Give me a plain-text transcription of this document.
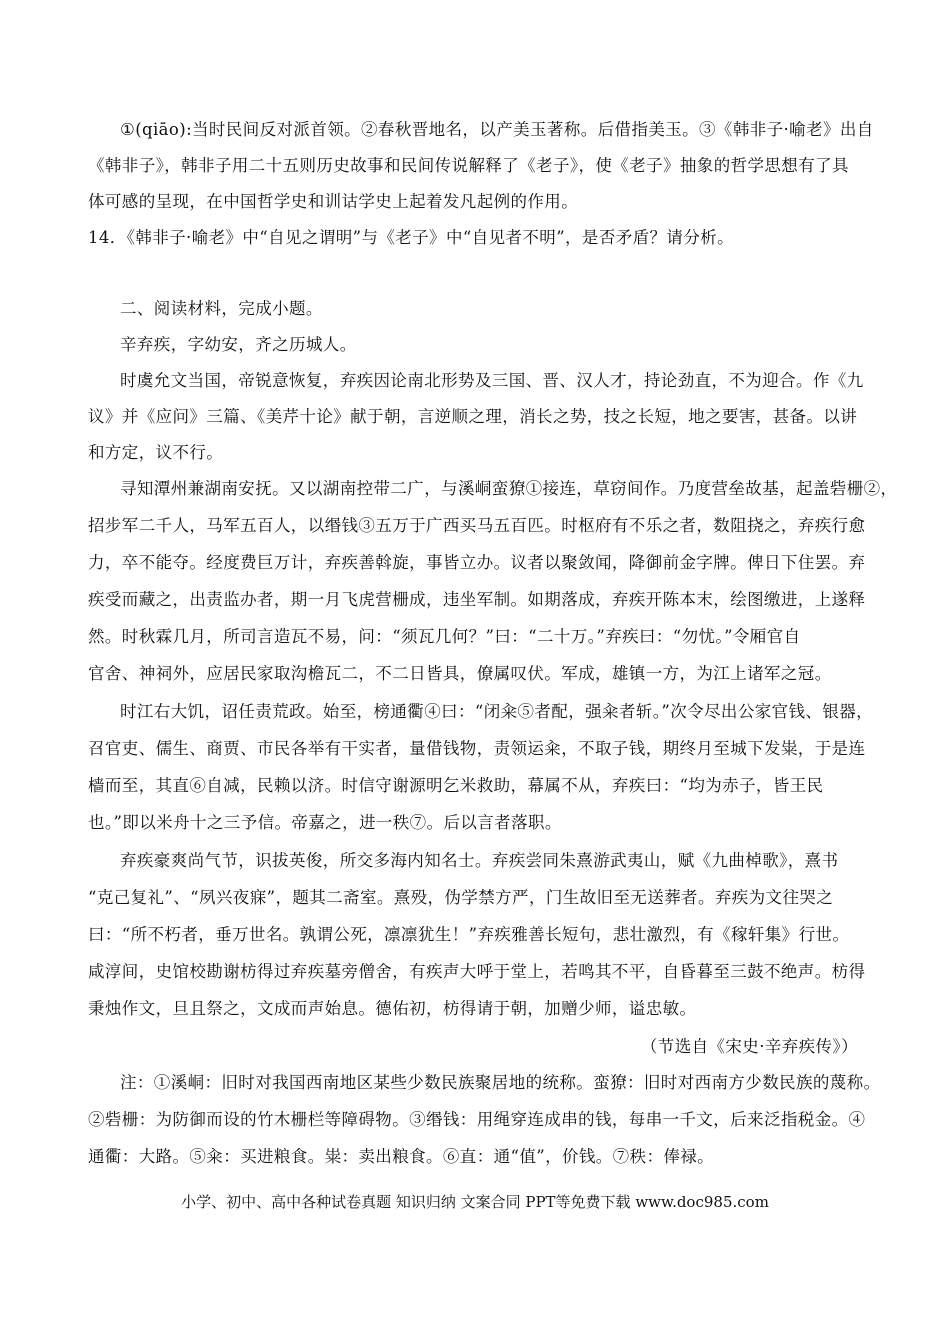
①(qiāo):当时民间反对派首领。②春秋晋地名，以产美玉著称。后借指美玉。③《韩非子·喻老》出自
《韩非子》，韩非子用二十五则历史故事和民间传说解释了《老子》，使《老子》抽象的哲学思想有了具
体可感的呈现，在中国哲学史和训诂学史上起着发凡起例的作用。
14．《韩非子·喻老》中“自见之谓明”与《老子》中“自见者不明”，是否矛盾？请分析。
二、阅读材料，完成小题。
辛弃疾，字幼安，齐之历城人。
时虞允文当国，帝锐意恢复，弃疾因论南北形势及三国、晋、汉人才，持论劲直，不为迎合。作《九
议》并《应问》三篇、《美芹十论》献于朝，言逆顺之理，消长之势，技之长短，地之要害，甚备。以讲
和方定，议不行。
寻知潭州兼湖南安抚。又以湖南控带二广，与溪峒蛮獠①接连，草窃间作。乃度营垒故基，起盖砦栅②，
招步军二千人，马军五百人，以缗钱③五万于广西买马五百匹。时枢府有不乐之者，数阻挠之，弃疾行愈
力，卒不能夺。经度费巨万计，弃疾善斡旋，事皆立办。议者以聚敛闻，降御前金字牌。俾日下住罢。弃
疾受而藏之，出责监办者，期一月飞虎营栅成，违坐军制。如期落成，弃疾开陈本末，绘图缴进，上遂释
然。时秋霖几月，所司言造瓦不易，问：“须瓦几何？”曰：“二十万。”弃疾曰：“勿忧。”令厢官自
官舍、神祠外，应居民家取沟檐瓦二，不二日皆具，僚属叹伏。军成，雄镇一方，为江上诸军之冠。
时江右大饥，诏任责荒政。始至，榜通衢④曰：“闭籴⑤者配，强籴者斩。”次令尽出公家官钱、银器，
召官吏、儒生、商贾、市民各举有干实者，量借钱物，责领运籴，不取子钱，期终月至城下发粜，于是连
樯而至，其直⑥自减，民赖以济。时信守谢源明乞米救助，幕属不从，弃疾曰：“均为赤子，皆王民
也。”即以米舟十之三予信。帝嘉之，进一秩⑦。后以言者落职。
弃疾豪爽尚气节，识拔英俊，所交多海内知名士。弃疾尝同朱熹游武夷山，赋《九曲棹歌》，熹书
“克己复礼”、“夙兴夜寐”，题其二斋室。熹殁，伪学禁方严，门生故旧至无送葬者。弃疾为文往哭之
曰：“所不朽者，垂万世名。孰谓公死，凛凛犹生！”弃疾雅善长短句，悲壮激烈，有《稼轩集》行世。
咸淳间，史馆校勘谢枋得过弃疾墓旁僧舍，有疾声大呼于堂上，若鸣其不平，自昏暮至三鼓不绝声。枋得
秉烛作文，旦且祭之，文成而声始息。德佑初，枋得请于朝，加赠少师，谥忠敏。
（节选自《宋史·辛弃疾传》）
注：①溪峒：旧时对我国西南地区某些少数民族聚居地的统称。蛮獠：旧时对西南方少数民族的蔑称。
②砦栅：为防御而设的竹木栅栏等障碍物。③缗钱：用绳穿连成串的钱，每串一千文，后来泛指税金。④
通衢：大路。⑤籴：买进粮食。粜：卖出粮食。⑥直：通“值”，价钱。⑦秩：俸禄。
小学、初中、高中各种试卷真题 知识归纳 文案合同 PPT等免费下载 www.doc985.com
